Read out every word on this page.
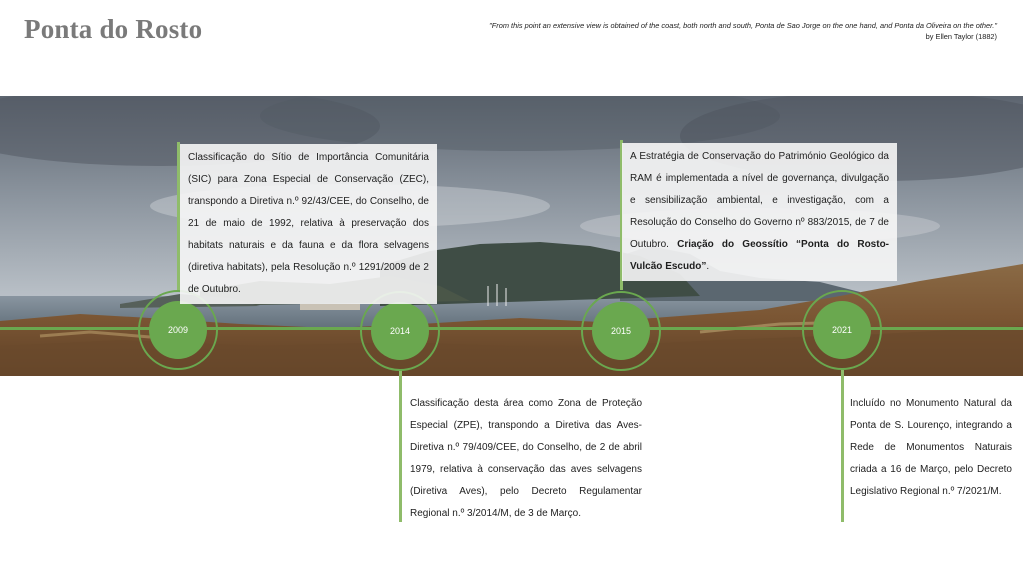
Ponta do Rosto	"From this point an extensive view is obtained of the coast, both north and south, Ponta de Sao Jorge on the one hand, and Ponta da Oliveira on the other."
by Ellen Taylor (1882)
2009	2014	2015	2021
Classificação do Sítio de Importância Comunitária (SIC) para Zona Especial de Conservação (ZEC), transpondo a Diretiva n.º 92/43/CEE, do Conselho, de 21 de maio de 1992, relativa à preservação dos habitats naturais e da fauna e da flora selvagens (diretiva habitats), pela Resolução n.º 1291/2009 de 2 de Outubro.
Classificação desta área como Zona de Proteção Especial (ZPE), transpondo a Diretiva das Aves- Diretiva n.º 79/409/CEE, do Conselho, de 2 de abril 1979, relativa à conservação das aves selvagens (Diretiva Aves), pelo Decreto Regulamentar Regional n.º 3/2014/M, de 3 de Março.
A Estratégia de Conservação do Património Geológico da RAM é implementada a nível de governança, divulgação e sensibilização ambiental, e investigação, com a Resolução do Conselho do Governo nº 883/2015, de 7 de Outubro. Criação do Geossítio “Ponta do Rosto- Vulcão Escudo”.
Incluído no Monumento Natural da Ponta de S. Lourenço, integrando a Rede de Monumentos Naturais criada a 16 de Março, pelo Decreto Legislativo Regional n.º 7/2021/M.
